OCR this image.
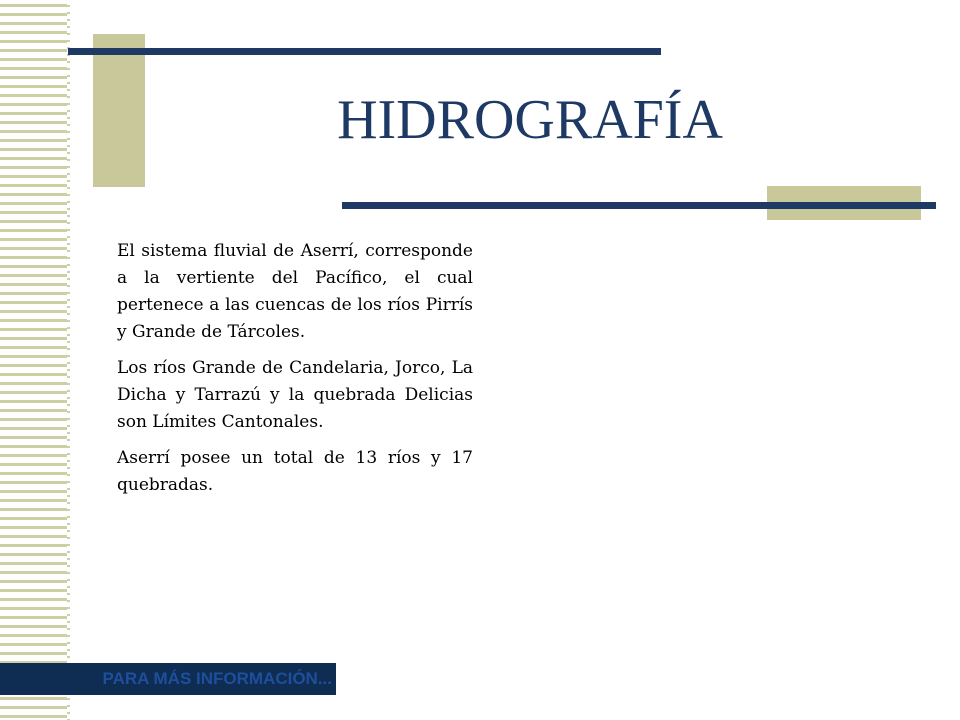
HIDROGRAFÍA

El sistema fluvial de Aserrí, corresponde a la vertiente del Pacífico, el cual pertenece a las cuencas de los ríos Pirrís y Grande de Tárcoles.

Los ríos Grande de Candelaria, Jorco, La Dicha y Tarrazú y la quebrada Delicias son Límites Cantonales.

Aserrí posee un total de 13 ríos y 17 quebradas.

PARA MÁS INFORMACIÓN...
